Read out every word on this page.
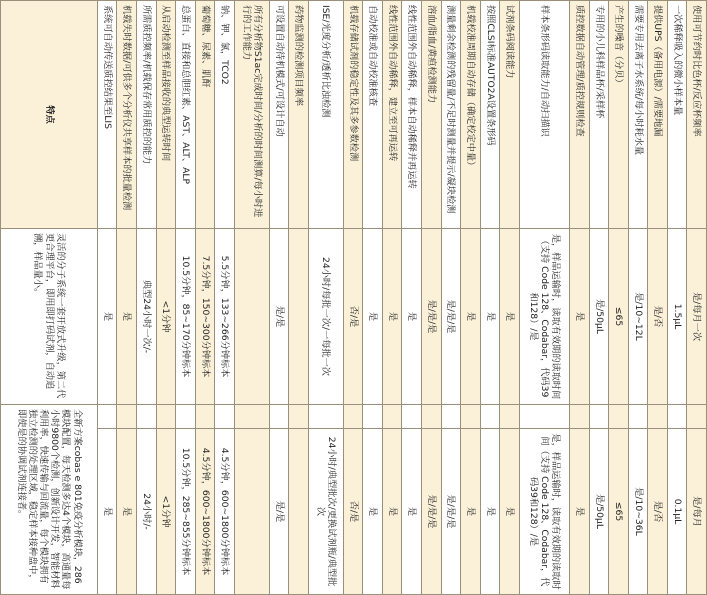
使用可节约时比色杯/反应杯频率	是/每月一次		是/每月
一次稀释吸入的微小样本量	1.5μL		0.1μL
提供UPS（备用电源）/需要地漏	是/否		是/否
需要专用去离子水系统/每小时耗水量	是/10~12L		是/10~36L
产生的噪音（分贝）	≤65		≤65
专用的小儿科样品杯/采样杯	是/50μL		是/50μL
质控数据自动管理/质控规则检查	是		是
样本条形码读取能力/自动扫描识	是，样品运输时，读取有效期的读取时间（支持 Code 128、Codabar，代码39和128）/是		是，样品运输时，读取有效期的读取时间（支持 Code 128、Codabar，代码39和128）/是
试剂条码阅读能力	是		是
按照CLSI标准AUTO2A设置条形码	是		是
机载校准周期自动存储（确定校定中量）	是		是
测量剩余检测的残留量/不足时测量并提示/凝块检测	是/是/是		是/是/是
溶血/脂血/黄疸检测能力	是/是/是		是/是/是
线性范围外自动稀释，样本自动稀释并再运转	是		是
线性范围外自动稀释，建立至可再运转	是		是
自动校准或自动校准核查	是		是
机载存储试剂的稳定性及其多参数检测	否/是		否/是
ISE/光度分析/透析比浊检测	24小时/每批一次/一每批一次		24小时/典型批次/更换试剂瓶/典型批次
药物监测的检测项目频率			
可设置自动待机模式/可设计自动	是/是		是/是
所有分析物S1ac完成时间/分析的时间测算/每小时进行的工作能力			
钠、钾、氯，TCO2	5.5分钟，133~266分钟标本		4.5分钟，600~1800分钟标本
葡萄糖、尿素、肌酐	7.5分钟，150~300分钟标本		4.5分钟，600~1800分钟标本
总蛋白、直接和总胆红素、AST、ALT、ALP	10.5分钟，85~170分钟标本		10.5分钟，285~855分钟标本
从启动检测至样品接收的典型运转时间	<1分钟		<1分钟
所需质控频率/机载保存常用质控的能力	典型24小时一次/-		24小时/-
机载失时数据/可供多个分析仪共享样本的批量检测	是		是
系统可自动传送质控结果至LIS	是		是
特点	灵活的分子系统一套开放式升级，第二代更合理平台，即用即打码试剂，自动追溯，样品量小。	全新方案cobas e 801免疫分析模块，286模块配置，每天检测多达4个模块，高通量每小时9800个检测，创新设计开发，智能材料利用率，快速传输与回流量，每个模块拥有独立检测的处理区域，稳定样本接种盘中，即使是的协调试剂连接者。	
